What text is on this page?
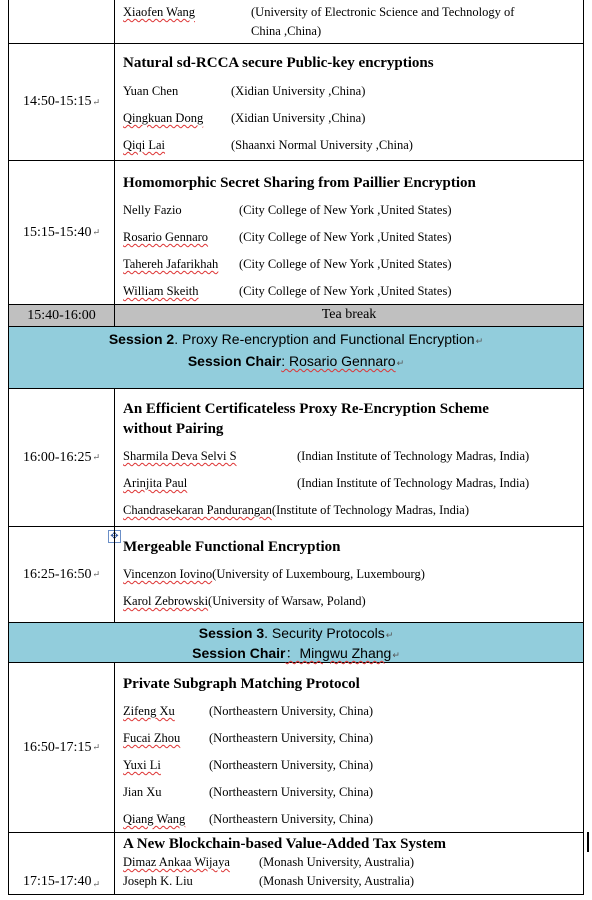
Xiaofen Wang	(University of Electronic Science and Technology of
China ,China)
14:50-15:15 ↵
Natural sd-RCCA secure Public-key encryptions
Yuan Chen	(Xidian University ,China)
Qingkuan Dong (Xidian University ,China)
Qiqi Lai	(Shaanxi Normal University ,China)
15:15-15:40 ↵
Homomorphic Secret Sharing from Paillier Encryption
Nelly Fazio	(City College of New York ,United States)
Rosario Gennaro (City College of New York ,United States)
Tahereh Jafarikhah (City College of New York ,United States)
William Skeith	(City College of New York ,United States)
15:40-16:00	Tea break
Session 2. Proxy Re-encryption and Functional Encryption↵
Session Chair: Rosario Gennaro↵
16:00-16:25 ↵
An Efficient Certificateless Proxy Re-Encryption Scheme
without Pairing
Sharmila Deva Selvi S	(Indian Institute of Technology Madras, India)
Arinjita Paul	(Indian Institute of Technology Madras, India)
Chandrasekaran Pandurangan(Institute of Technology Madras, India)
✥
16:25-16:50 ↵
Mergeable Functional Encryption
Vincenzon Iovino(University of Luxembourg, Luxembourg)
Karol Zebrowski(University of Warsaw, Poland)
Session 3. Security Protocols↵
Session Chair：Mingwu Zhang↵
16:50-17:15 ↵
Private Subgraph Matching Protocol
Zifeng Xu	(Northeastern University, China)
Fucai Zhou (Northeastern University, China)
Yuxi Li	(Northeastern University, China)
Jian Xu	(Northeastern University, China)
Qiang Wang (Northeastern University, China)
17:15-17:40 ↵
A New Blockchain-based Value-Added Tax System
Dimaz Ankaa Wijaya (Monash University, Australia)
Joseph K. Liu	(Monash University, Australia)
